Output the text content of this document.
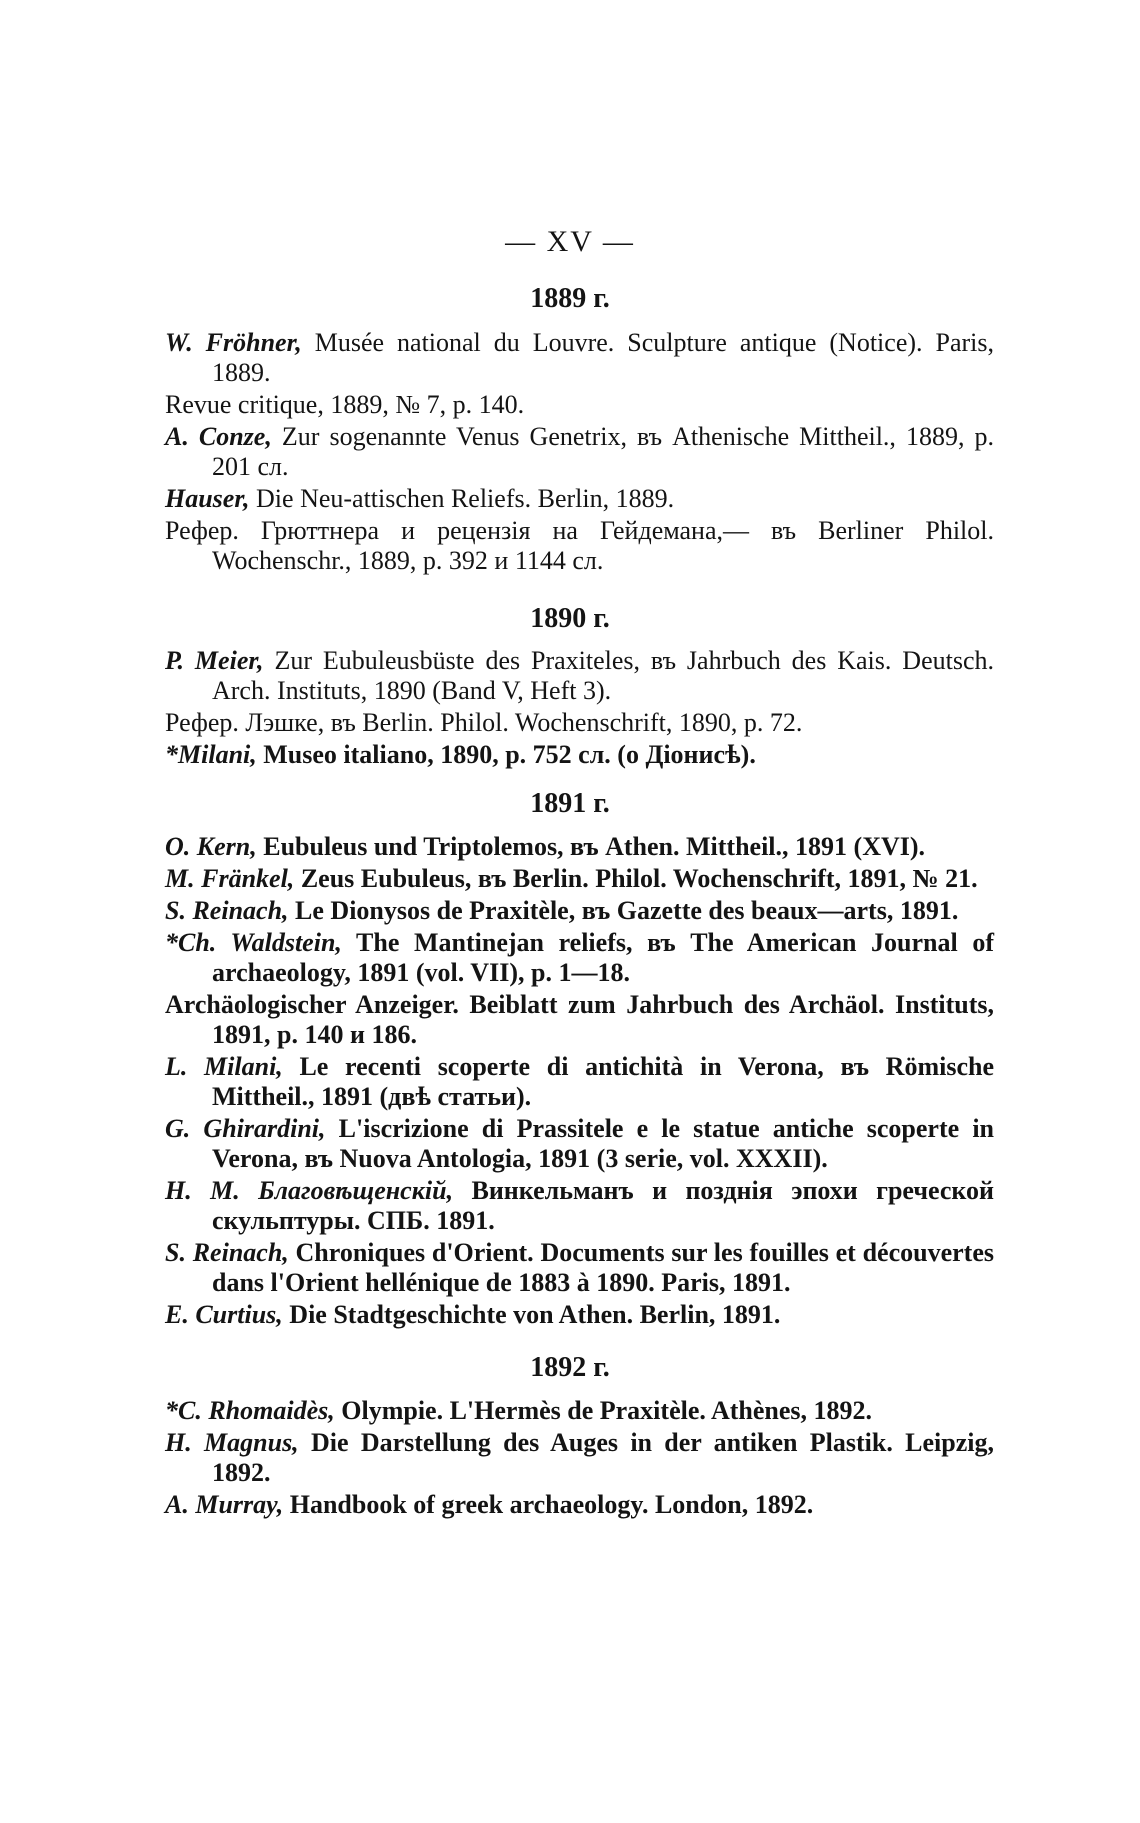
— XV —
1889 г.
W. Fröhner, Musée national du Louvre. Sculpture antique (Notice). Paris, 1889.
Revue critique, 1889, № 7, p. 140.
A. Conze, Zur sogenannte Venus Genetrix, въ Athenische Mittheil., 1889, p. 201 сл.
Hauser, Die Neu-attischen Reliefs. Berlin, 1889.
Рефер. Грюттнера и рецензія на Гейдемана,— въ Berliner Philol. Wochenschr., 1889, p. 392 и 1144 сл.
1890 г.
P. Meier, Zur Eubuleusbüste des Praxiteles, въ Jahrbuch des Kais. Deutsch. Arch. Instituts, 1890 (Band V, Heft 3).
Рефер. Лэшке, въ Berlin. Philol. Wochenschrift, 1890, p. 72.
*Milani, Museo italiano, 1890, p. 752 сл. (о Діонисѣ).
1891 г.
O. Kern, Eubuleus und Triptolemos, въ Athen. Mittheil., 1891 (XVI).
M. Fränkel, Zeus Eubuleus, въ Berlin. Philol. Wochenschrift, 1891, № 21.
S. Reinach, Le Dionysos de Praxitèle, въ Gazette des beaux—arts, 1891.
*Ch. Waldstein, The Mantinejan reliefs, въ The American Journal of archaeology, 1891 (vol. VII), p. 1—18.
Archäologischer Anzeiger. Beiblatt zum Jahrbuch des Archäol. Instituts, 1891, p. 140 и 186.
L. Milani, Le recenti scoperte di antichità in Verona, въ Römische Mittheil., 1891 (двѣ статьи).
G. Ghirardini, L'iscrizione di Prassitele e le statue antiche scoperte in Verona, въ Nuova Antologia, 1891 (3 serie, vol. XXXII).
H. M. Благовѣщенскій, Винкельманъ и позднія эпохи греческой скульптуры. СПБ. 1891.
S. Reinach, Chroniques d'Orient. Documents sur les fouilles et découvertes dans l'Orient hellénique de 1883 à 1890. Paris, 1891.
E. Curtius, Die Stadtgeschichte von Athen. Berlin, 1891.
1892 г.
*C. Rhomaidès, Olympie. L'Hermès de Praxitèle. Athènes, 1892.
H. Magnus, Die Darstellung des Auges in der antiken Plastik. Leipzig, 1892.
A. Murray, Handbook of greek archaeology. London, 1892.
